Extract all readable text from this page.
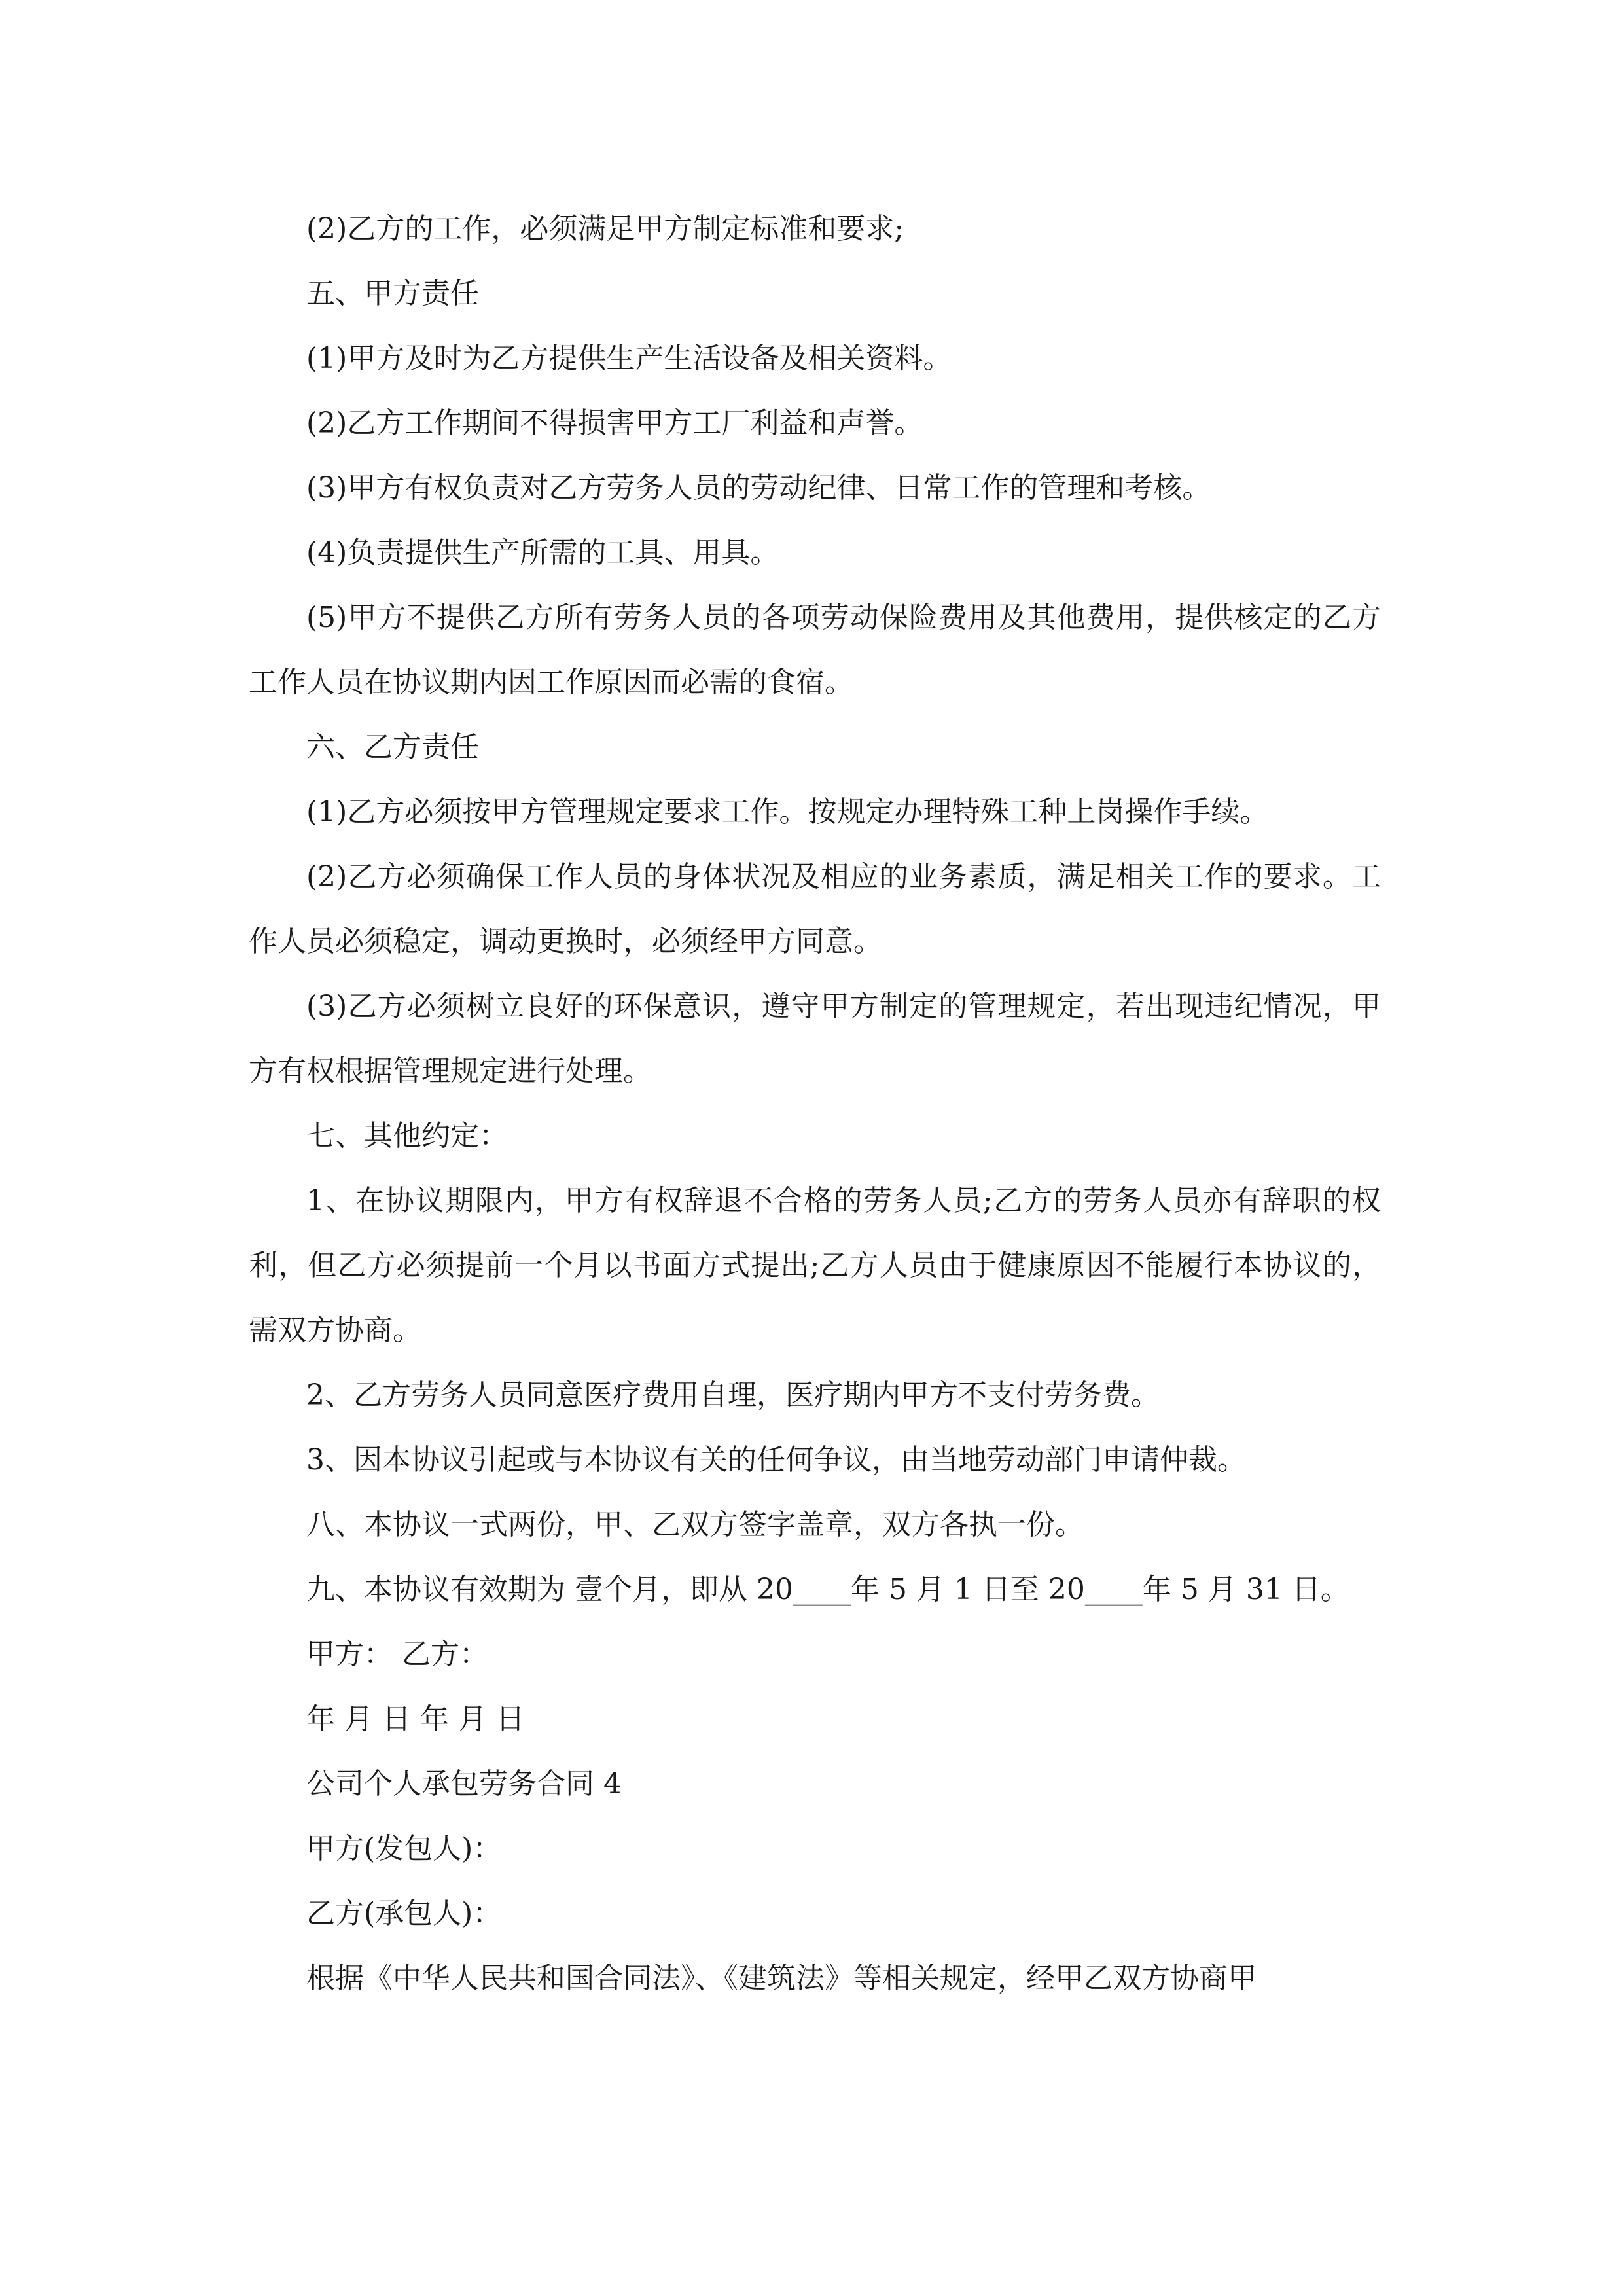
(2)乙方的工作，必须满足甲方制定标准和要求;

五、甲方责任

(1)甲方及时为乙方提供生产生活设备及相关资料。

(2)乙方工作期间不得损害甲方工厂利益和声誉。

(3)甲方有权负责对乙方劳务人员的劳动纪律、日常工作的管理和考核。

(4)负责提供生产所需的工具、用具。

(5)甲方不提供乙方所有劳务人员的各项劳动保险费用及其他费用，提供核定的乙方工作人员在协议期内因工作原因而必需的食宿。

六、乙方责任

(1)乙方必须按甲方管理规定要求工作。按规定办理特殊工种上岗操作手续。

(2)乙方必须确保工作人员的身体状况及相应的业务素质，满足相关工作的要求。工作人员必须稳定，调动更换时，必须经甲方同意。

(3)乙方必须树立良好的环保意识，遵守甲方制定的管理规定，若出现违纪情况，甲方有权根据管理规定进行处理。

七、其他约定：

1、在协议期限内，甲方有权辞退不合格的劳务人员;乙方的劳务人员亦有辞职的权利，但乙方必须提前一个月以书面方式提出;乙方人员由于健康原因不能履行本协议的，需双方协商。

2、乙方劳务人员同意医疗费用自理，医疗期内甲方不支付劳务费。

3、因本协议引起或与本协议有关的任何争议，由当地劳动部门申请仲裁。

八、本协议一式两份，甲、乙双方签字盖章，双方各执一份。

九、本协议有效期为 壹个月，即从 20____年 5 月 1 日至 20____年 5 月 31 日。

甲方： 乙方：

年 月 日 年 月 日

公司个人承包劳务合同 4

甲方(发包人)：

乙方(承包人)：

根据《中华人民共和国合同法》、《建筑法》等相关规定，经甲乙双方协商甲
